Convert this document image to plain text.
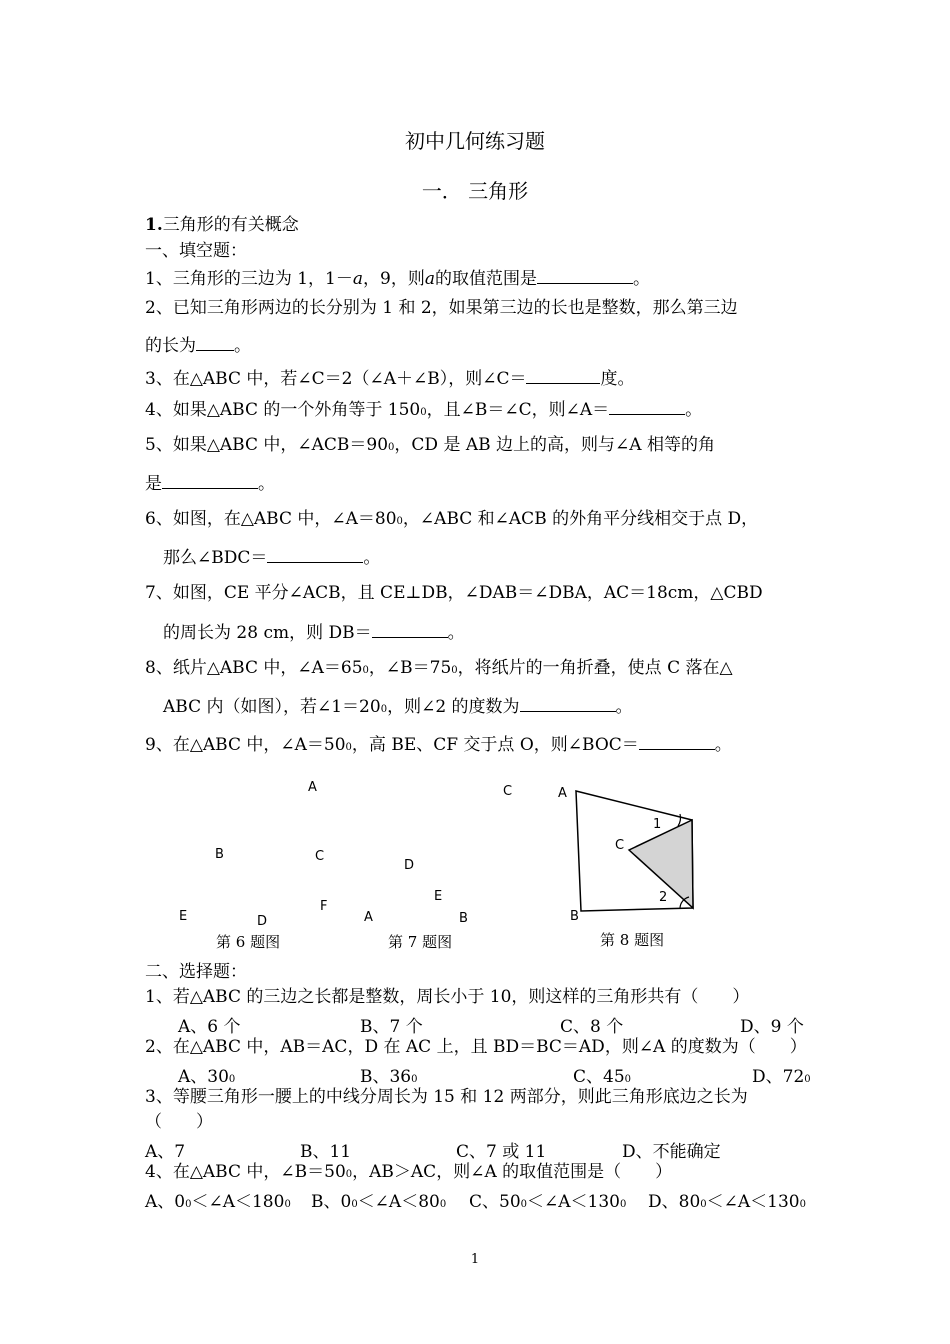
初中几何练习题
一． 三角形
1.三角形的有关概念
一、填空题：
1、三角形的三边为 1，1－a，9，则a的取值范围是	。
2、已知三角形两边的长分别为 1 和 2，如果第三边的长也是整数，那么第三边
的长为 。
3、在△ABC 中，若∠C＝2（∠A＋∠B），则∠C＝	度。
4、如果△ABC 的一个外角等于 1500，且∠B＝∠C，则∠A＝	。
5、如果△ABC 中，∠ACB＝900，CD 是 AB 边上的高，则与∠A 相等的角
是	。
6、如图，在△ABC 中，∠A＝800，∠ABC 和∠ACB 的外角平分线相交于点 D，
那么∠BDC＝	。
7、如图，CE 平分∠ACB，且 CE⊥DB，∠DAB＝∠DBA，AC＝18cm，△CBD
的周长为 28 cm，则 DB＝	。
8、纸片△ABC 中，∠A＝650，∠B＝750，将纸片的一角折叠，使点 C 落在△
ABC 内（如图），若∠1＝200，则∠2 的度数为	。
9、在△ABC 中，∠A＝500，高 BE、CF 交于点 O，则∠BOC＝	。
A
B	C
E	D
第 6 题图
C
D
E
F
A	B
第 7 题图
A
1
C
2
B
第 8 题图
二、选择题：
1、若△ABC 的三边之长都是整数，周长小于 10，则这样的三角形共有（　　）
A、6 个	B、7 个	C、8 个	D、9 个
2、在△ABC 中，AB＝AC，D 在 AC 上，且 BD＝BC＝AD，则∠A 的度数为（　　）
A、300	B、360	C、450	D、720
3、等腰三角形一腰上的中线分周长为 15 和 12 两部分，则此三角形底边之长为
（　　）
A、7	B、11	C、7 或 11	D、不能确定
4、在△ABC 中，∠B＝500，AB＞AC，则∠A 的取值范围是（　　）
A、00＜∠A＜1800 B、00＜∠A＜800 C、500＜∠A＜1300 D、800＜∠A＜1300
1
